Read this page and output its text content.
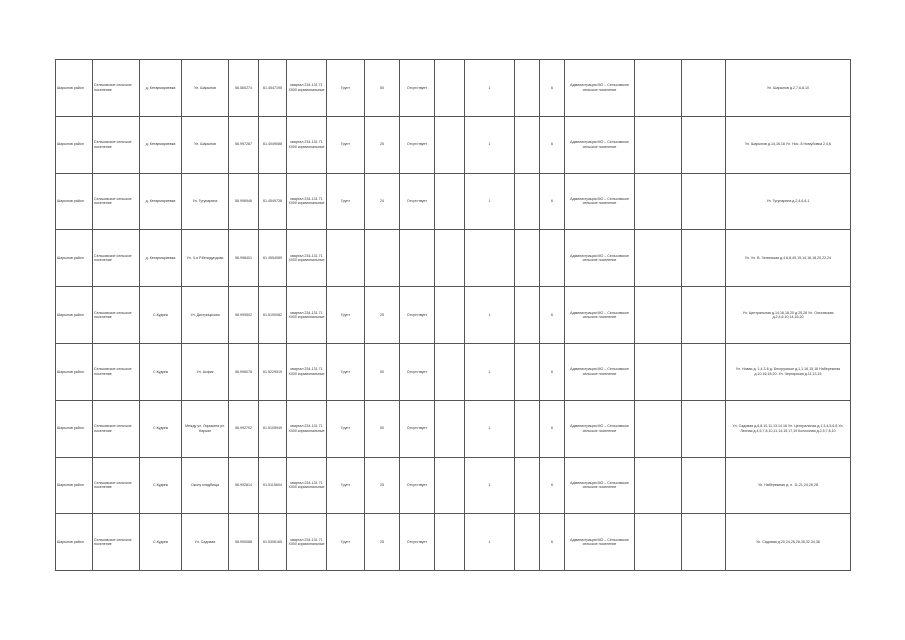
Шарыпов район	Сельсовское сельское поселение	д. Кетармариевка	Ул. Шарыпов	56.560274	61.4547195	квартал 234-131 71 Х000 кормиональные	Грунт	50	Отсутствует		1		6	Администрация МО – Сельсовское сельское поселение			Ул. Шарыпов д.2,7,6,8,10
Шарыпов район	Сельсовское сельское поселение	д. Кетармариевка	Ул. Шарыпов	56.997287	61.4049088	квартал 234-131 71 Х000 кормиональные	Грунт	25	Отсутствует		1		6	Администрация МО – Сельсовское сельское поселение			Ул. Шарыпов д.14,16,18 Ул. Нос. 8 Номубовка 2,4,6
Шарыпов район	Сельсовское сельское поселение	д. Кетармариевка	Ул. Гугунарина	56.998946	61.4549738	квартал 234-131 71 Х000 кормиональные	Грунт	24	Отсутствует		1		6	Администрация МО – Сельсовское сельское поселение			Ул. Гугунарина д.2,4,6,8,1
Шарыпов район	Сельсовское сельское поселение	д. Кетармариевка	Ул. Ч.и Р.Кечидундовь	56.998401	61.4554089	квартал 234-131 71 Х000 кормиональные								Администрация МО – Сельсовское сельское поселение			Ул. Ул. В. Зелинская д.4,6,8,40,15,14,16,18,20,22,24
Шарыпов район	Сельсовское сельское поселение	С.Кудинк	Ул. Дистрицкская	56.999502	61.5190082	квартал 234-131 71 Х000 кормиональные	Грунт	25	Отсутствует		1		6	Администрация МО – Сельсовское сельское поселение			Ул. Центральная д.14,16,18,20 д.25,28 Ул. Ольговская д.2,4,6,10,14,16,20
Шарыпов район	Сельсовское сельское поселение	С.Кудинк	Ул. Асфик	56.996078	61.5229519	квартал 234-131 71 Х000 кормиональные	Грунт	50	Отсутствует		1		6	Администрация МО – Сельсовское сельское поселение			Ул. Новая д. 1,4,3-6 д. Бесгрузское д.1,1,16,15,18 Набережная д.10,16,18,20. Ул. Чергирская д.11,13,15
Шарыпов район	Сельсовское сельское поселение	С.Кудинк	Между ул. Лирикина ул. Нарьян	56.992792	61.5105949	квартал 234-131 71 Х000 кормиональные	Грунт	50	Отсутствует		1		6	Администрация МО – Сельсовское сельское поселение			Ул. Садовая д.6,8,10,11,13,14,16 Ул. Центральная д.1,3,4,5,6,8 Ул. Лесная д.4,5,7,8,10,11,14,15,17,19 Колхозная д.2,5,7,8,10
Шарыпов район	Сельсовское сельское поселение	С.Кудинк	Околу кладбища	56.992814	61.5115604	квартал 234-131 71 Х000 кормиональные	Грунт	25	Отсутствует		1		6	Администрация МО – Сельсовское сельское поселение			Ул. Набережная д. н. 11,21,24,26,28
Шарыпов район	Сельсовское сельское поселение	С.Кудинк	Ул. Садовая	56.990088	61.5306165	квартал 234-131 71 Х000 кормиональные	Грунт	25	Отсутствует		1		6	Администрация МО – Сельсовское сельское поселение			Ул. Садовая д.20,24,26,28,30,32,34,36
